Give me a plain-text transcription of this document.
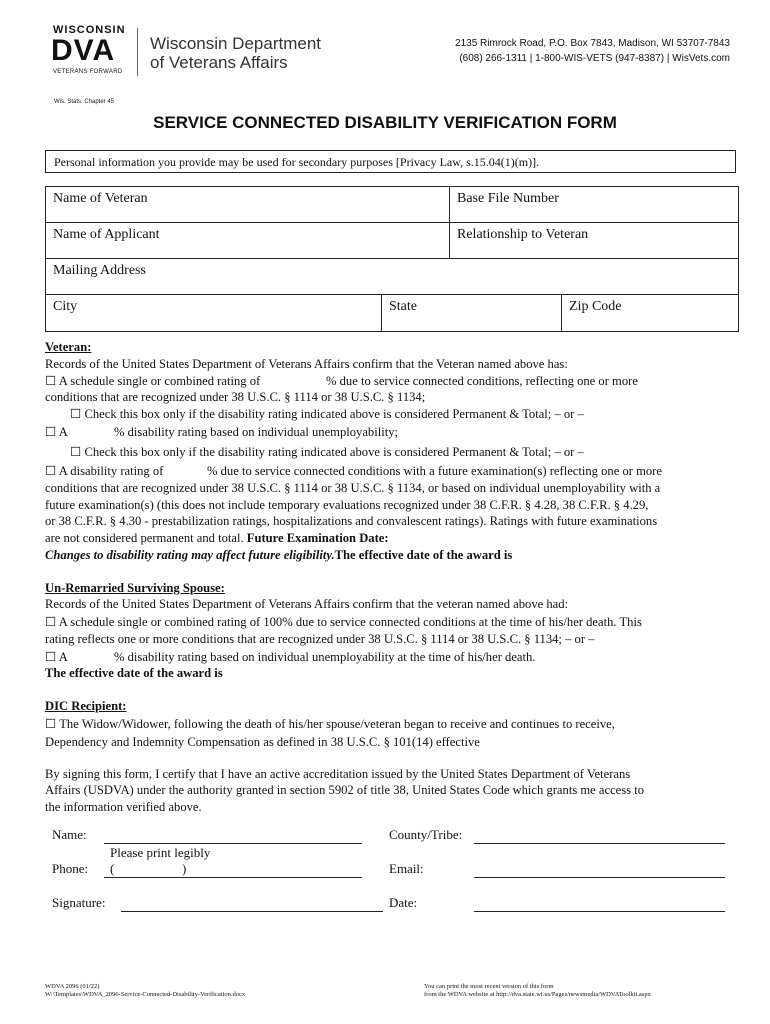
WISCONSIN
DVA
VETERANS FORWARD
Wisconsin Department
of Veterans Affairs
2135 Rimrock Road, P.O. Box 7843, Madison, WI 53707-7843
(608) 266-1311 | 1-800-WIS-VETS (947-8387) | WisVets.com
Wis. Stats. Chapter 45
SERVICE CONNECTED DISABILITY VERIFICATION FORM
Personal information you provide may be used for secondary purposes [Privacy Law, s.15.04(1)(m)].
Name of Veteran	Base File Number
Name of Applicant	Relationship to Veteran
Mailing Address
City	State	Zip Code
Veteran:
Records of the United States Department of Veterans Affairs confirm that the Veteran named above has:
☐ A schedule single or combined rating of	% due to service connected conditions, reflecting one or more
conditions that are recognized under 38 U.S.C. § 1114 or 38 U.S.C. § 1134;
☐ Check this box only if the disability rating indicated above is considered Permanent & Total; – or –
☐ A	% disability rating based on individual unemployability;
☐ Check this box only if the disability rating indicated above is considered Permanent & Total; – or –
☐ A disability rating of	% due to service connected conditions with a future examination(s) reflecting one or more
conditions that are recognized under 38 U.S.C. § 1114 or 38 U.S.C. § 1134, or based on individual unemployability with a
future examination(s) (this does not include temporary evaluations recognized under 38 C.F.R. § 4.28, 38 C.F.R. § 4.29,
or 38 C.F.R. § 4.30 - prestabilization ratings, hospitalizations and convalescent ratings). Ratings with future examinations
are not considered permanent and total. Future Examination Date:
Changes to disability rating may affect future eligibility.The effective date of the award is
Un-Remarried Surviving Spouse:
Records of the United States Department of Veterans Affairs confirm that the veteran named above had:
☐ A schedule single or combined rating of 100% due to service connected conditions at the time of his/her death. This
rating reflects one or more conditions that are recognized under 38 U.S.C. § 1114 or 38 U.S.C. § 1134; – or –
☐ A	% disability rating based on individual unemployability at the time of his/her death.
The effective date of the award is
DIC Recipient:
☐ The Widow/Widower, following the death of his/her spouse/veteran began to receive and continues to receive,
Dependency and Indemnity Compensation as defined in 38 U.S.C. § 101(14) effective
By signing this form, I certify that I have an active accreditation issued by the United States Department of Veterans
Affairs (USDVA) under the authority granted in section 5902 of title 38, United States Code which grants me access to
the information verified above.
Name:
Please print legibly
County/Tribe:
Phone: (	)	Email:
Signature:	Date:
WDVA 2096 (01/22)
W:\Templates\WDVA_2096-Service-Connected-Disability-Verification.docx
You can print the most recent version of this form
from the WDVA website at http://dva.state.wi.us/Pages/newsmedia/WDVAToolkit.aspx
